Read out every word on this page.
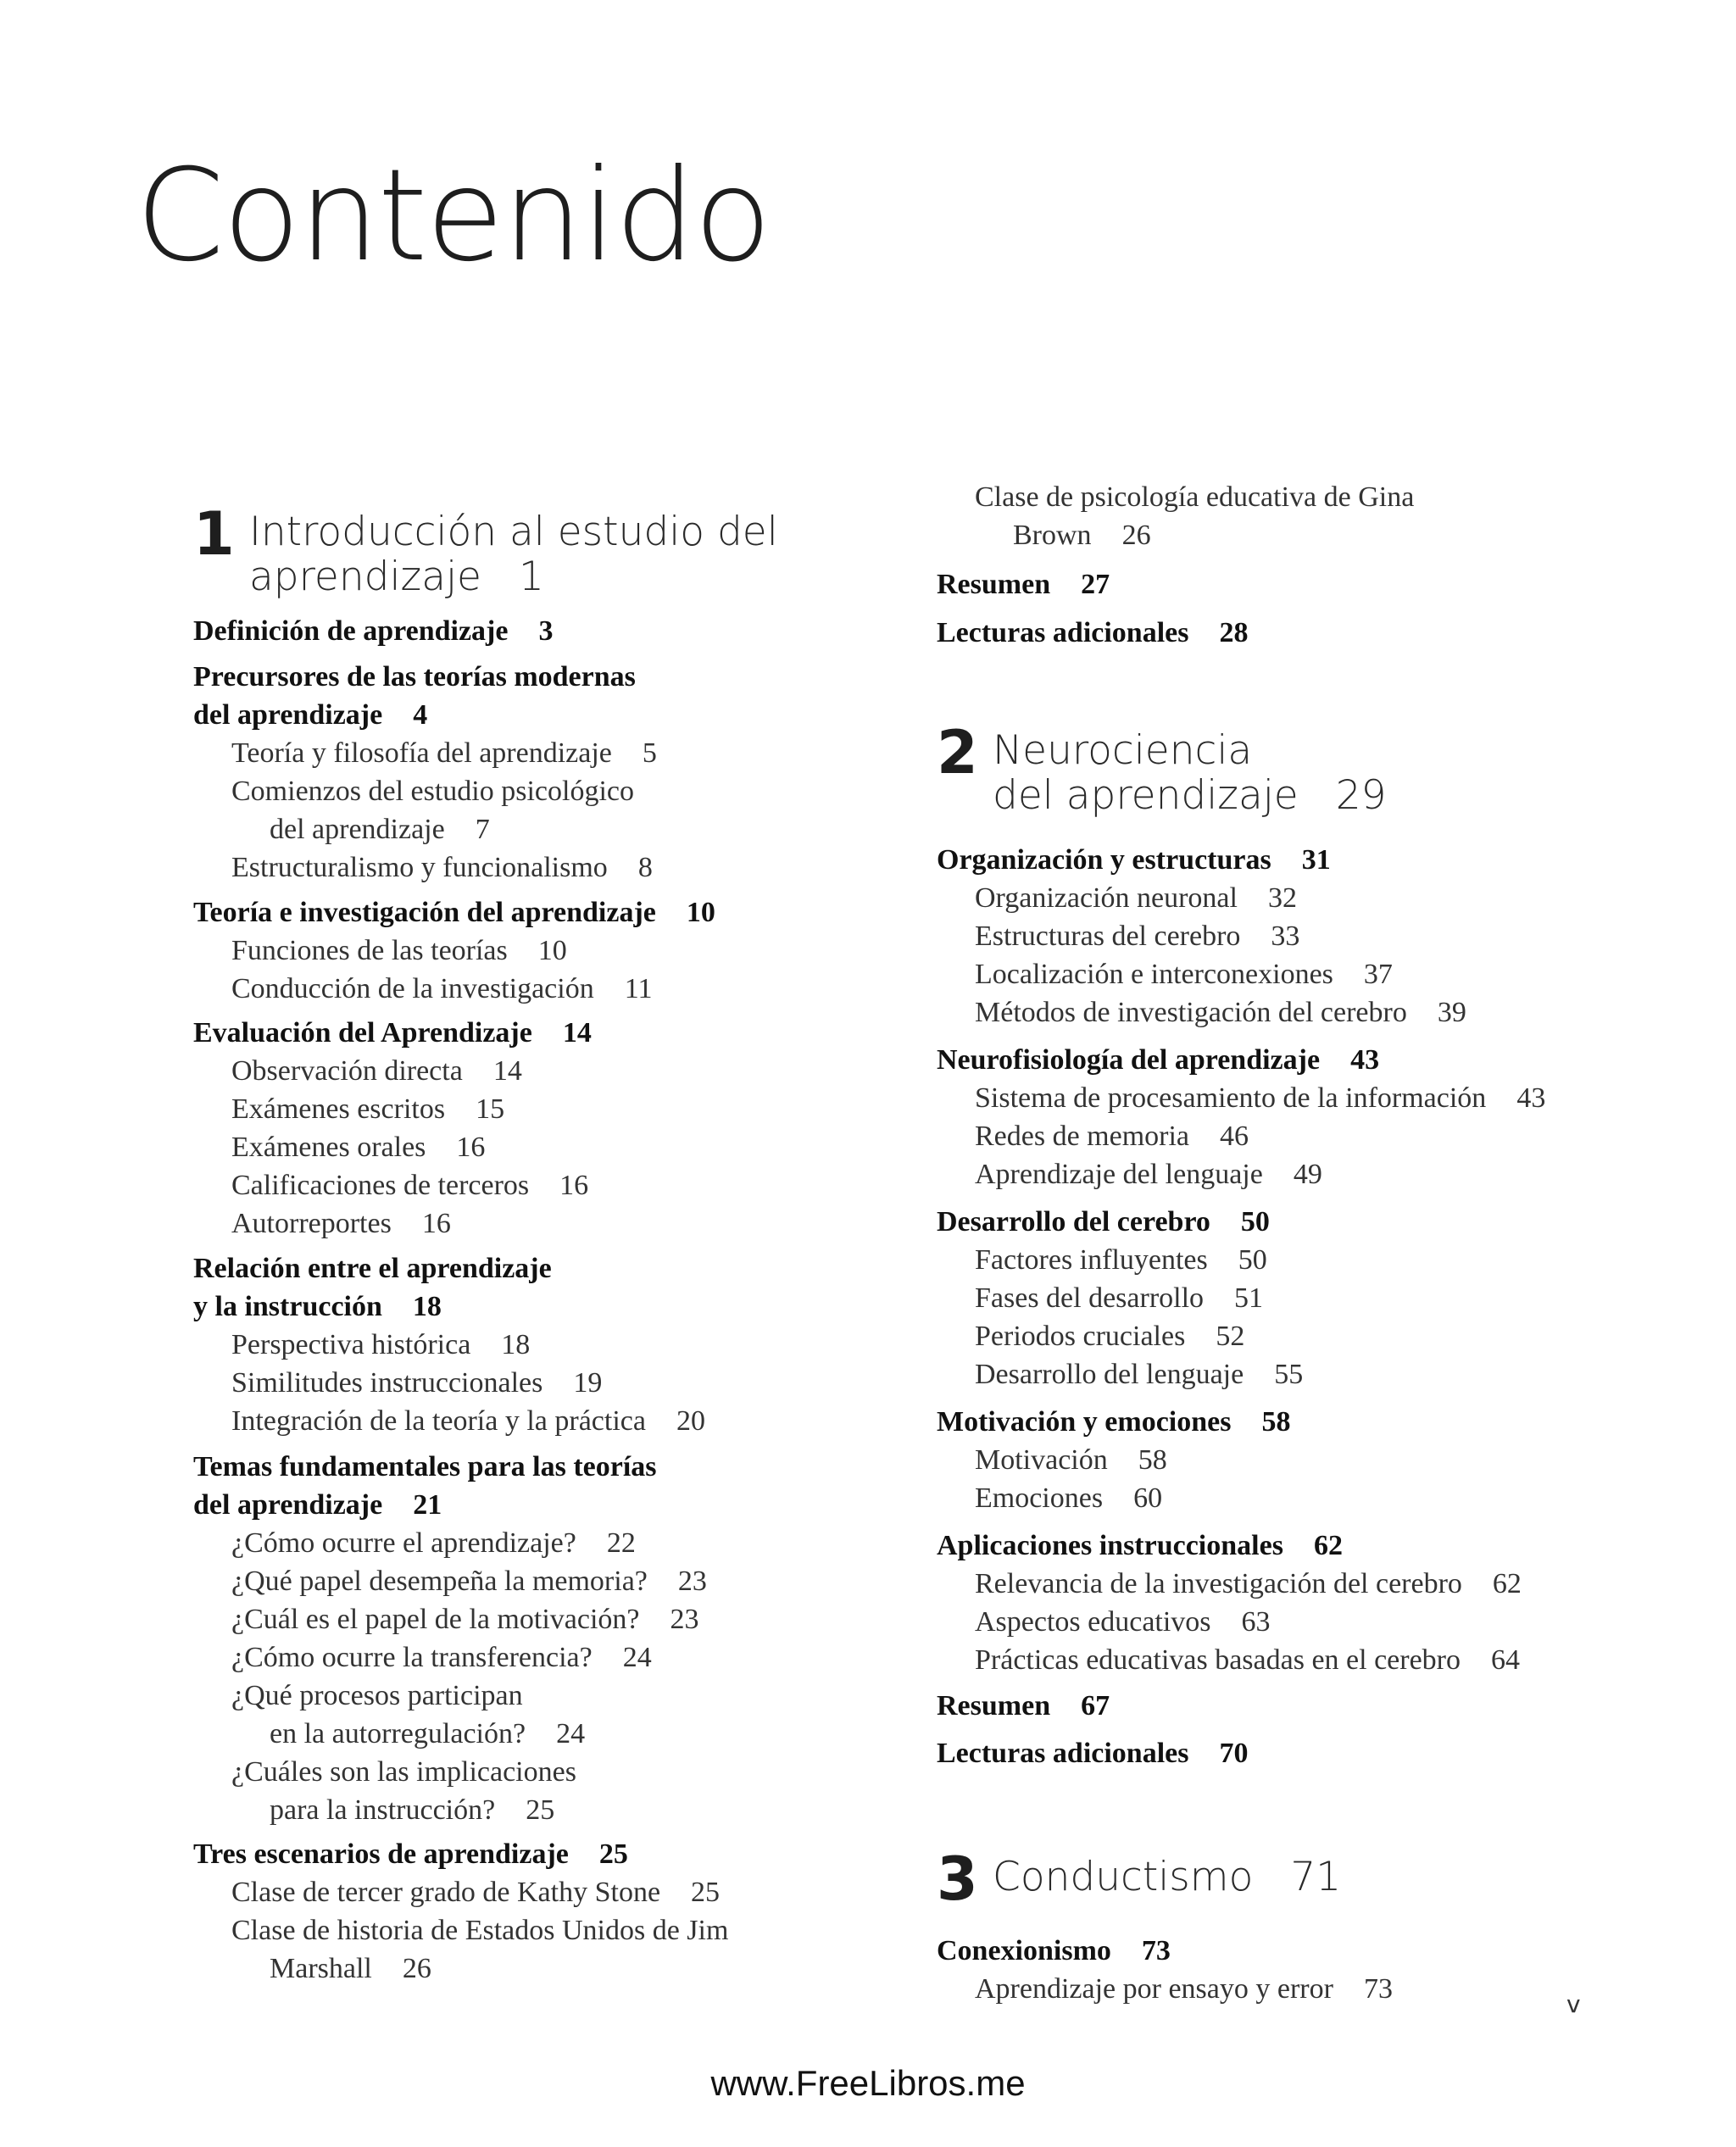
Contenido
1 Introducción al estudio del
aprendizaje 1
Definición de aprendizaje 3
Precursores de las teorías modernas
del aprendizaje 4
Teoría y filosofía del aprendizaje 5
Comienzos del estudio psicológico
del aprendizaje 7
Estructuralismo y funcionalismo 8
Teoría e investigación del aprendizaje 10
Funciones de las teorías 10
Conducción de la investigación 11
Evaluación del Aprendizaje 14
Observación directa 14
Exámenes escritos 15
Exámenes orales 16
Calificaciones de terceros 16
Autorreportes 16
Relación entre el aprendizaje
y la instrucción 18
Perspectiva histórica 18
Similitudes instruccionales 19
Integración de la teoría y la práctica 20
Temas fundamentales para las teorías
del aprendizaje 21
¿Cómo ocurre el aprendizaje? 22
¿Qué papel desempeña la memoria? 23
¿Cuál es el papel de la motivación? 23
¿Cómo ocurre la transferencia? 24
¿Qué procesos participan
en la autorregulación? 24
¿Cuáles son las implicaciones
para la instrucción? 25
Tres escenarios de aprendizaje 25
Clase de tercer grado de Kathy Stone 25
Clase de historia de Estados Unidos de Jim
Marshall 26
2 Neurociencia
del aprendizaje 29
3 Conductismo 71
Clase de psicología educativa de Gina
Brown 26
Resumen 27
Lecturas adicionales 28
Organización y estructuras 31
Organización neuronal 32
Estructuras del cerebro 33
Localización e interconexiones 37
Métodos de investigación del cerebro 39
Neurofisiología del aprendizaje 43
Sistema de procesamiento de la información 43
Redes de memoria 46
Aprendizaje del lenguaje 49
Desarrollo del cerebro 50
Factores influyentes 50
Fases del desarrollo 51
Periodos cruciales 52
Desarrollo del lenguaje 55
Motivación y emociones 58
Motivación 58
Emociones 60
Aplicaciones instruccionales 62
Relevancia de la investigación del cerebro 62
Aspectos educativos 63
Prácticas educativas basadas en el cerebro 64
Resumen 67
Lecturas adicionales 70
Conexionismo 73
Aprendizaje por ensayo y error 73	v
www.FreeLibros.me
